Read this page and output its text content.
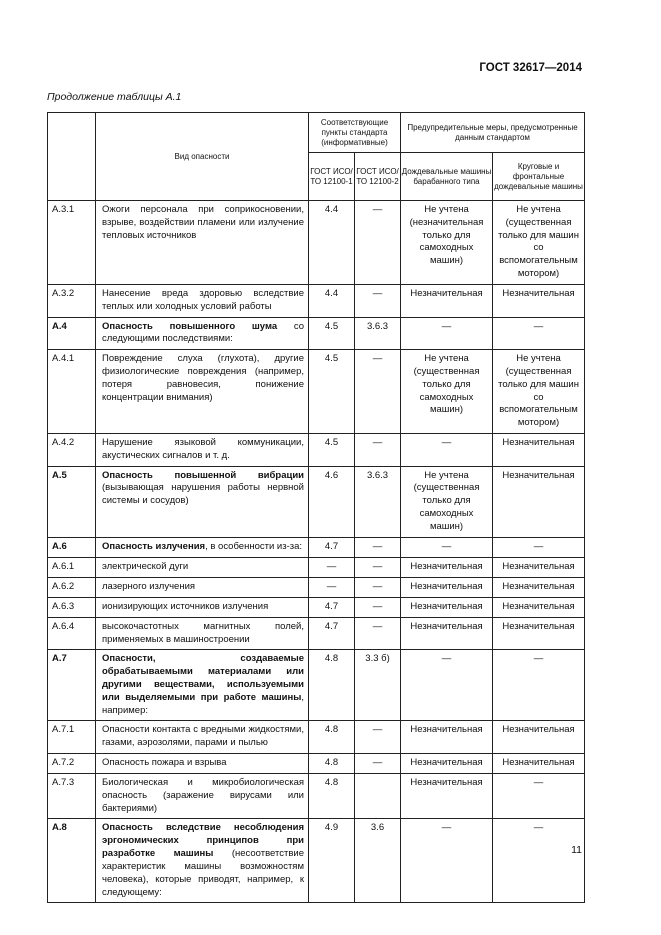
ГОСТ 32617—2014
Продолжение таблицы А.1
	Вид опасности	Соответствующие пункты стандарта (информативные)		Предупредительные меры, предусмотренные данным стандартом	
		ГОСТ ИСО/ТО 12100-1	ГОСТ ИСО/ТО 12100-2	Дождевальные машины барабанного типа	Круговые и фронтальные дождевальные машины
А.3.1	Ожоги персонала при соприкосновении, взрыве, воздействии пламени или излучение тепловых источников	4.4	—	Не учтена (незначительная только для самоходных машин)	Не учтена (существенная только для машин со вспомогательным мотором)
А.3.2	Нанесение вреда здоровью вследствие теплых или холодных условий работы	4.4	—	Незначительная	Незначительная
А.4	Опасность повышенного шума со следующими последствиями:	4.5	3.6.3	—	—
А.4.1	Повреждение слуха (глухота), другие физиологические повреждения (например, потеря равновесия, понижение концентрации внимания)	4.5	—	Не учтена (существенная только для самоходных машин)	Не учтена (существенная только для машин со вспомогательным мотором)
А.4.2	Нарушение языковой коммуникации, акустических сигналов и т. д.	4.5	—	—	Незначительная
А.5	Опасность повышенной вибрации (вызывающая нарушения работы нервной системы и сосудов)	4.6	3.6.3	Не учтена (существенная только для самоходных машин)	Незначительная
А.6	Опасность излучения, в особенности из-за:	4.7	—	—	—
А.6.1	электрической дуги	—	—	Незначительная	Незначительная
А.6.2	лазерного излучения	—	—	Незначительная	Незначительная
А.6.3	ионизирующих источников излучения	4.7	—	Незначительная	Незначительная
А.6.4	высокочастотных магнитных полей, применяемых в машиностроении	4.7	—	Незначительная	Незначительная
А.7	Опасности, создаваемые обрабатываемыми материалами или другими веществами, используемыми или выделяемыми при работе машины, например:	4.8	3.3 б)	—	—
А.7.1	Опасности контакта с вредными жидкостями, газами, аэрозолями, парами и пылью	4.8	—	Незначительная	Незначительная
А.7.2	Опасность пожара и взрыва	4.8	—	Незначительная	Незначительная
А.7.3	Биологическая и микробиологическая опасность (заражение вирусами или бактериями)	4.8		Незначительная	—
А.8	Опасность вследствие несоблюдения эргономических принципов при разработке машины (несоответствие характеристик машины возможностям человека), которые приводят, например, к следующему:	4.9	3.6	—	—
11
